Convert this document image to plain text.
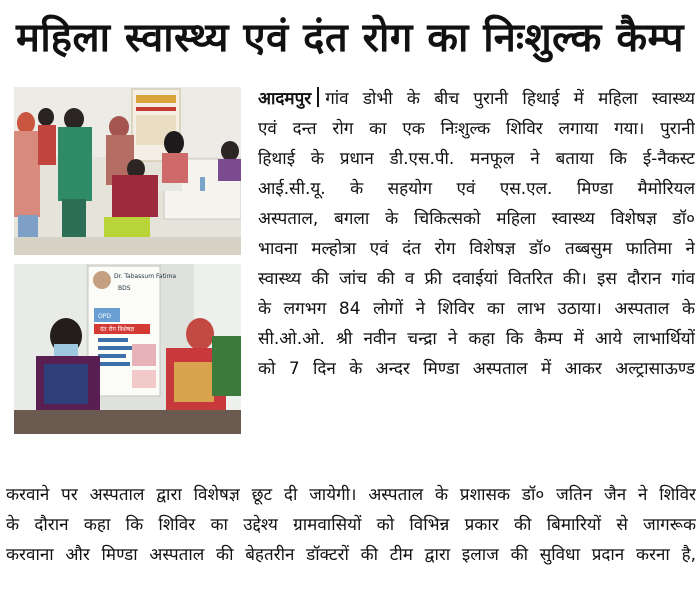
महिला स्वास्थ्य एवं दंत रोग का निःशुल्क कैम्प
Dr. Tabassum Fatima
BDS
OPD
दंत रोग विशेषज्ञ
आदमपुर गांव डोभी के बीच पुरानी हिथाई में महिला स्वास्थ्य
एवं दन्त रोग का एक निःशुल्क शिविर लगाया गया। पुरानी
हिथाई के प्रधान डी.एस.पी. मनफूल ने बताया कि ई-नैकस्ट
आई.सी.यू. के सहयोग एवं एस.एल. मिण्डा मैमोरियल
अस्पताल, बगला के चिकित्सको महिला स्वास्थ्य विशेषज्ञ डॉ०
भावना मल्होत्रा एवं दंत रोग विशेषज्ञ डॉ० तब्बसुम फातिमा ने
स्वास्थ्य की जांच की व फ्री दवाईयां वितरित की। इस दौरान गांव
के लगभग 84 लोगों ने शिविर का लाभ उठाया। अस्पताल के
सी.ओ.ओ. श्री नवीन चन्द्रा ने कहा कि कैम्प में आये लाभार्थियों
को 7 दिन के अन्दर मिण्डा अस्पताल में आकर अल्ट्रासाऊण्ड
करवाने पर अस्पताल द्वारा विशेषज्ञ छूट दी जायेगी। अस्पताल के प्रशासक डॉ० जतिन जैन ने शिविर
के दौरान कहा कि शिविर का उद्देश्य ग्रामवासियों को विभिन्न प्रकार की बिमारियों से जागरूक
करवाना और मिण्डा अस्पताल की बेहतरीन डॉक्टरों की टीम द्वारा इलाज की सुविधा प्रदान करना है,
